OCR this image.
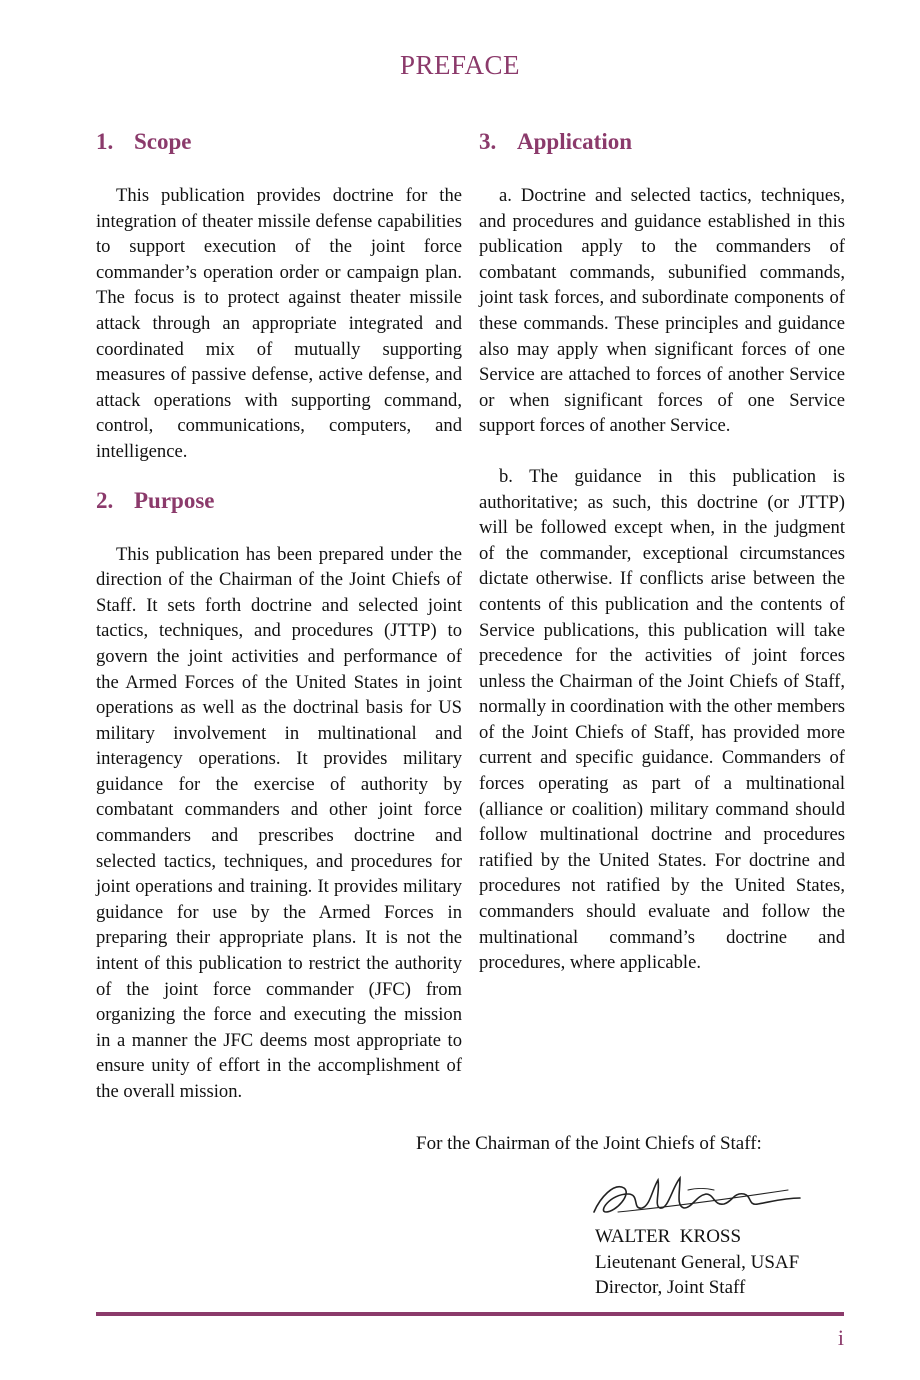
PREFACE
1. Scope

This publication provides doctrine for the integration of theater missile defense capabilities to support execution of the joint force commander’s operation order or campaign plan. The focus is to protect against theater missile attack through an appropriate integrated and coordinated mix of mutually supporting measures of passive defense, active defense, and attack operations with supporting command, control, communications, computers, and intelligence.

2. Purpose

This publication has been prepared under the direction of the Chairman of the Joint Chiefs of Staff. It sets forth doctrine and selected joint tactics, techniques, and procedures (JTTP) to govern the joint activities and performance of the Armed Forces of the United States in joint operations as well as the doctrinal basis for US military involvement in multinational and interagency operations. It provides military guidance for the exercise of authority by combatant commanders and other joint force commanders and prescribes doctrine and selected tactics, techniques, and procedures for joint operations and training. It provides military guidance for use by the Armed Forces in preparing their appropriate plans. It is not the intent of this publication to restrict the authority of the joint force commander (JFC) from organizing the force and executing the mission in a manner the JFC deems most appropriate to ensure unity of effort in the accomplishment of the overall mission.

3. Application

a. Doctrine and selected tactics, techniques, and procedures and guidance established in this publication apply to the commanders of combatant commands, subunified commands, joint task forces, and subordinate components of these commands. These principles and guidance also may apply when significant forces of one Service are attached to forces of another Service or when significant forces of one Service support forces of another Service.

b. The guidance in this publication is authoritative; as such, this doctrine (or JTTP) will be followed except when, in the judgment of the commander, exceptional circumstances dictate otherwise. If conflicts arise between the contents of this publication and the contents of Service publications, this publication will take precedence for the activities of joint forces unless the Chairman of the Joint Chiefs of Staff, normally in coordination with the other members of the Joint Chiefs of Staff, has provided more current and specific guidance. Commanders of forces operating as part of a multinational (alliance or coalition) military command should follow multinational doctrine and procedures ratified by the United States. For doctrine and procedures not ratified by the United States, commanders should evaluate and follow the multinational command’s doctrine and procedures, where applicable.

For the Chairman of the Joint Chiefs of Staff:
WALTER  KROSS
Lieutenant General, USAF
Director, Joint Staff
i
